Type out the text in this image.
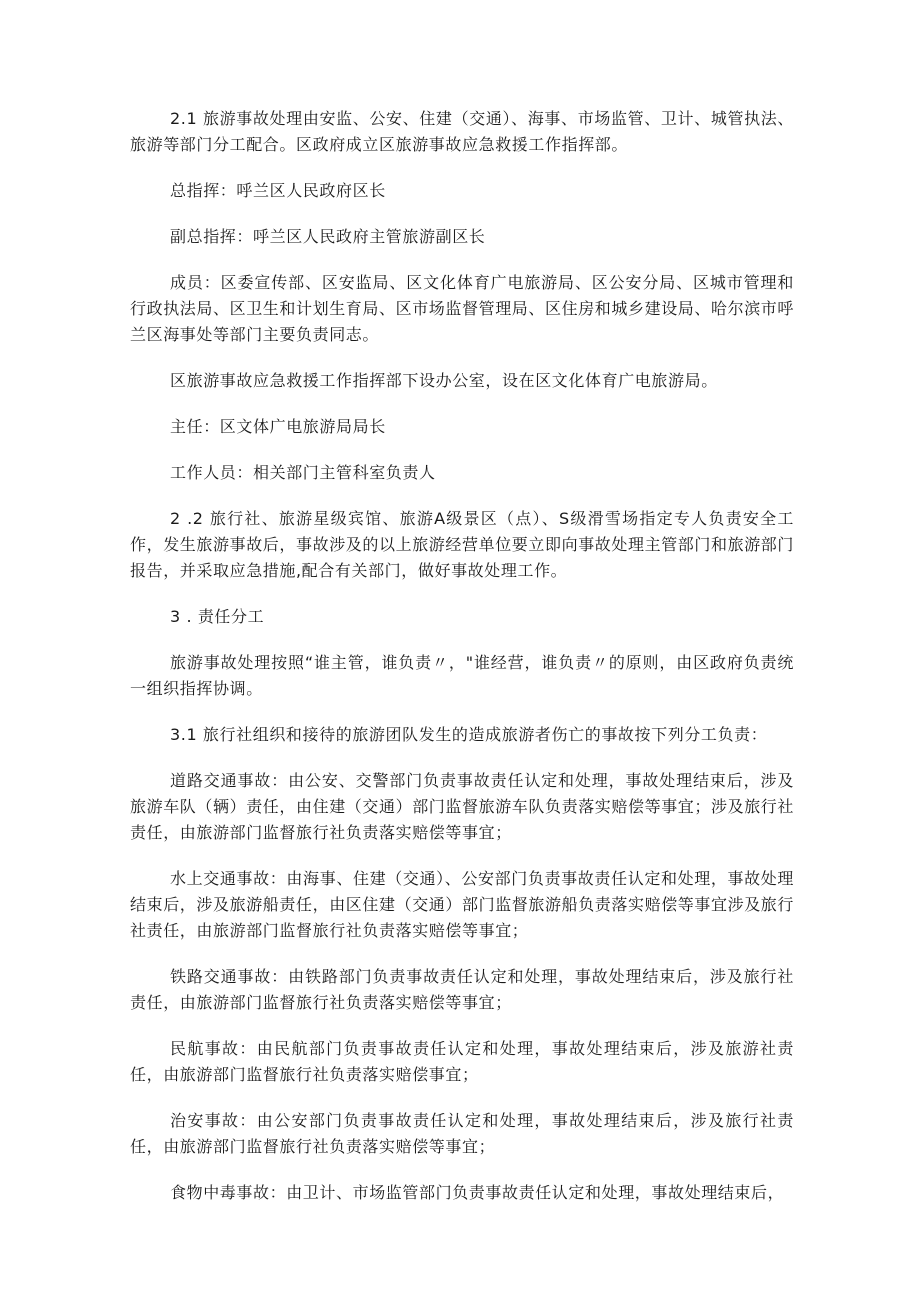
2.1 旅游事故处理由安监、公安、住建（交通）、海事、市场监管、卫计、城管执法、旅游等部门分工配合。区政府成立区旅游事故应急救援工作指挥部。

总指挥：呼兰区人民政府区长

副总指挥：呼兰区人民政府主管旅游副区长

成员：区委宣传部、区安监局、区文化体育广电旅游局、区公安分局、区城市管理和行政执法局、区卫生和计划生育局、区市场监督管理局、区住房和城乡建设局、哈尔滨市呼兰区海事处等部门主要负责同志。

区旅游事故应急救援工作指挥部下设办公室，设在区文化体育广电旅游局。

主任：区文体广电旅游局局长

工作人员：相关部门主管科室负责人

2 .2 旅行社、旅游星级宾馆、旅游A级景区（点）、S级滑雪场指定专人负责安全工作，发生旅游事故后，事故涉及的以上旅游经营单位要立即向事故处理主管部门和旅游部门报告，并采取应急措施,配合有关部门，做好事故处理工作。

3 . 责任分工

旅游事故处理按照“谁主管，谁负责〃，"谁经营，谁负责〃的原则，由区政府负责统一组织指挥协调。

3.1 旅行社组织和接待的旅游团队发生的造成旅游者伤亡的事故按下列分工负责：

道路交通事故：由公安、交警部门负责事故责任认定和处理，事故处理结束后，涉及旅游车队（辆）责任，由住建（交通）部门监督旅游车队负责落实赔偿等事宜；涉及旅行社责任，由旅游部门监督旅行社负责落实赔偿等事宜；

水上交通事故：由海事、住建（交通）、公安部门负责事故责任认定和处理，事故处理结束后，涉及旅游船责任，由区住建（交通）部门监督旅游船负责落实赔偿等事宜涉及旅行社责任，由旅游部门监督旅行社负责落实赔偿等事宜；

铁路交通事故：由铁路部门负责事故责任认定和处理，事故处理结束后，涉及旅行社责任，由旅游部门监督旅行社负责落实赔偿等事宜；

民航事故：由民航部门负责事故责任认定和处理，事故处理结束后，涉及旅游社责任，由旅游部门监督旅行社负责落实赔偿事宜；

治安事故：由公安部门负责事故责任认定和处理，事故处理结束后，涉及旅行社责任，由旅游部门监督旅行社负责落实赔偿等事宜；

食物中毒事故：由卫计、市场监管部门负责事故责任认定和处理，事故处理结束后，
